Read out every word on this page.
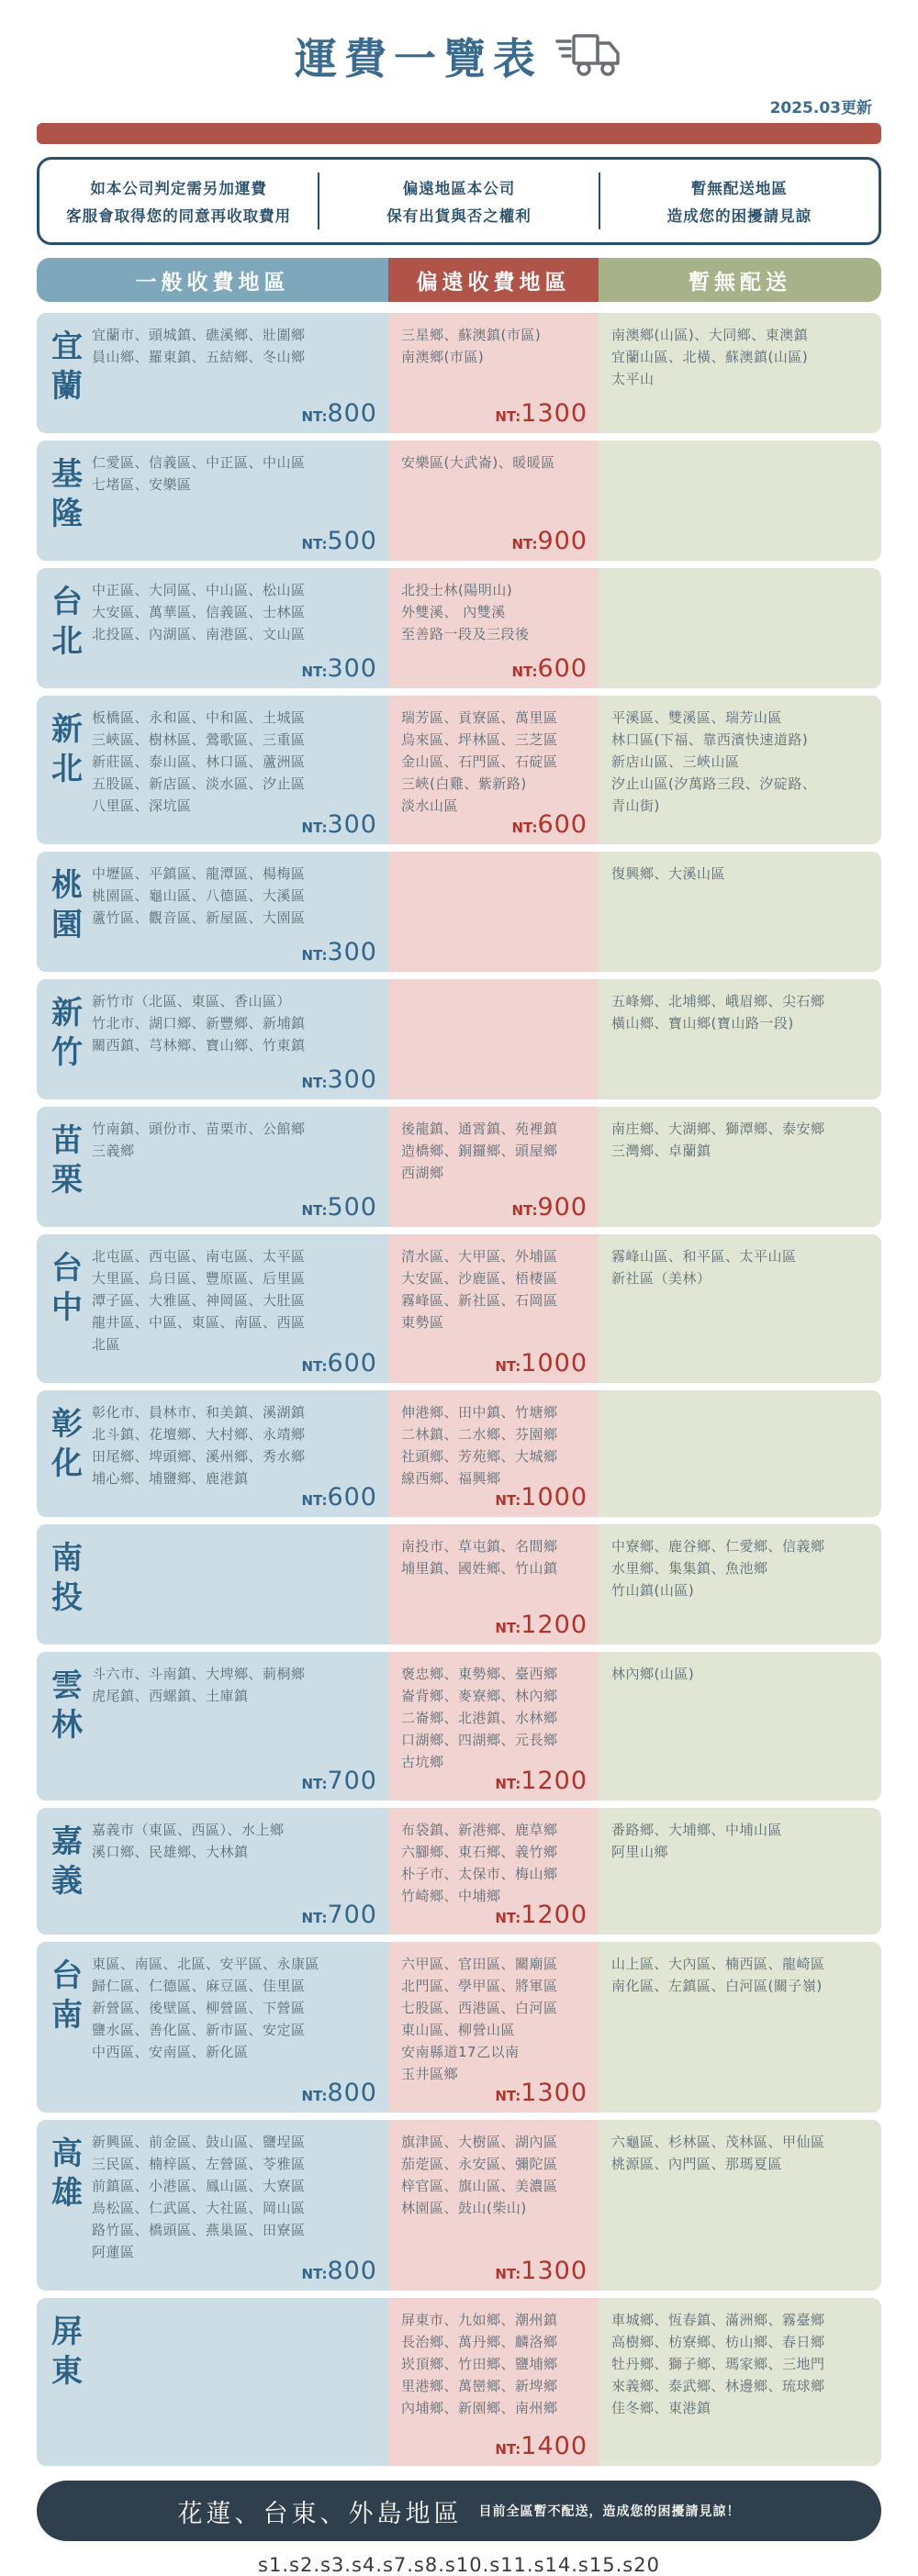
運費一覽表
2025.03更新
如本公司判定需另加運費
客服會取得您的同意再收取費用
偏遠地區本公司
保有出貨與否之權利
暫無配送地區
造成您的困擾請見諒
一般收費地區	偏遠收費地區	暫無配送
宜
蘭
宜蘭市、頭城鎮、礁溪鄉、壯圍鄉
員山鄉、羅東鎮、五結鄉、冬山鄉
NT:800
三星鄉、蘇澳鎮(市區)
南澳鄉(市區)
NT:1300
南澳鄉(山區)、大同鄉、東澳鎮
宜蘭山區、北橫、蘇澳鎮(山區)
太平山
基
隆
仁愛區、信義區、中正區、中山區
七堵區、安樂區
NT:500
安樂區(大武崙)、暖暖區
NT:900
台
北
中正區、大同區、中山區、松山區
大安區、萬華區、信義區、士林區
北投區、內湖區、南港區、文山區
NT:300
北投士林(陽明山)
外雙溪、 內雙溪
至善路一段及三段後
NT:600
新
北
板橋區、永和區、中和區、土城區
三峽區、樹林區、鶯歌區、三重區
新莊區、泰山區、林口區、蘆洲區
五股區、新店區、淡水區、汐止區
八里區、深坑區
NT:300
瑞芳區、貢寮區、萬里區
烏來區、坪林區、三芝區
金山區、石門區、石碇區
三峽(白雞、紫新路)
淡水山區
NT:600
平溪區、雙溪區、瑞芳山區
林口區(下福、靠西濱快速道路)
新店山區、三峽山區
汐止山區(汐萬路三段、汐碇路、
青山街)
桃
園
中壢區、平鎮區、龍潭區、楊梅區
桃園區、龜山區、八德區、大溪區
蘆竹區、觀音區、新屋區、大園區
NT:300
復興鄉、大溪山區
新
竹
新竹市（北區、東區、香山區）
竹北市、湖口鄉、新豐鄉、新埔鎮
關西鎮、芎林鄉、寶山鄉、竹東鎮
NT:300
五峰鄉、北埔鄉、峨眉鄉、尖石鄉
橫山鄉、寶山鄉(寶山路一段)
苗
栗
竹南鎮、頭份市、苗栗市、公館鄉
三義鄉
NT:500
後龍鎮、通霄鎮、苑裡鎮
造橋鄉、銅鑼鄉、頭屋鄉
西湖鄉
NT:900
南庄鄉、大湖鄉、獅潭鄉、泰安鄉
三灣鄉、卓蘭鎮
台
中
北屯區、西屯區、南屯區、太平區
大里區、烏日區、豐原區、后里區
潭子區、大雅區、神岡區、大肚區
龍井區、中區、東區、南區、西區
北區
NT:600
清水區、大甲區、外埔區
大安區、沙鹿區、梧棲區
霧峰區、新社區、石岡區
東勢區
NT:1000
霧峰山區、和平區、太平山區
新社區（美林）
彰
化
彰化市、員林市、和美鎮、溪湖鎮
北斗鎮、花壇鄉、大村鄉、永靖鄉
田尾鄉、埤頭鄉、溪州鄉、秀水鄉
埔心鄉、埔鹽鄉、鹿港鎮
NT:600
伸港鄉、田中鎮、竹塘鄉
二林鎮、二水鄉、芬園鄉
社頭鄉、芳苑鄉、大城鄉
線西鄉、福興鄉
NT:1000
南
投
南投市、草屯鎮、名間鄉
埔里鎮、國姓鄉、竹山鎮
NT:1200
中寮鄉、鹿谷鄉、仁愛鄉、信義鄉
水里鄉、集集鎮、魚池鄉
竹山鎮(山區)
雲
林
斗六市、斗南鎮、大埤鄉、莿桐鄉
虎尾鎮、西螺鎮、土庫鎮
NT:700
褒忠鄉、東勢鄉、臺西鄉
崙背鄉、麥寮鄉、林內鄉
二崙鄉、北港鎮、水林鄉
口湖鄉、四湖鄉、元長鄉
古坑鄉
NT:1200
林內鄉(山區)
嘉
義
嘉義市（東區、西區）、水上鄉
溪口鄉、民雄鄉、大林鎮
NT:700
布袋鎮、新港鄉、鹿草鄉
六腳鄉、東石鄉、義竹鄉
朴子市、太保市、梅山鄉
竹崎鄉、中埔鄉
NT:1200
番路鄉、大埔鄉、中埔山區
阿里山鄉
台
南
東區、南區、北區、安平區、永康區
歸仁區、仁德區、麻豆區、佳里區
新營區、後壁區、柳營區、下營區
鹽水區、善化區、新市區、安定區
中西區、安南區、新化區
NT:800
六甲區、官田區、關廟區
北門區、學甲區、將軍區
七股區、西港區、白河區
東山區、柳營山區
安南縣道17乙以南
玉井區鄉
NT:1300
山上區、大內區、楠西區、龍崎區
南化區、左鎮區、白河區(關子嶺)
高
雄
新興區、前金區、鼓山區、鹽埕區
三民區、楠梓區、左營區、苓雅區
前鎮區、小港區、鳳山區、大寮區
鳥松區、仁武區、大社區、岡山區
路竹區、橋頭區、燕巢區、田寮區
阿蓮區
NT:800
旗津區、大樹區、湖內區
茄萣區、永安區、彌陀區
梓官區、旗山區、美濃區
林園區、鼓山(柴山)
NT:1300
六龜區、杉林區、茂林區、甲仙區
桃源區、內門區、那瑪夏區
屏
東
屏東市、九如鄉、潮州鎮
長治鄉、萬丹鄉、麟洛鄉
崁頂鄉、竹田鄉、鹽埔鄉
里港鄉、萬巒鄉、新埤鄉
內埔鄉、新園鄉、南州鄉
NT:1400
車城鄉、恆春鎮、滿洲鄉、霧臺鄉
高樹鄉、枋寮鄉、枋山鄉、春日鄉
牡丹鄉、獅子鄉、瑪家鄉、三地門
來義鄉、泰武鄉、林邊鄉、琉球鄉
佳冬鄉、東港鎮
花蓮、台東、外島地區 目前全區暫不配送，造成您的困擾請見諒！
s1.s2.s3.s4.s7.s8.s10.s11.s14.s15.s20
